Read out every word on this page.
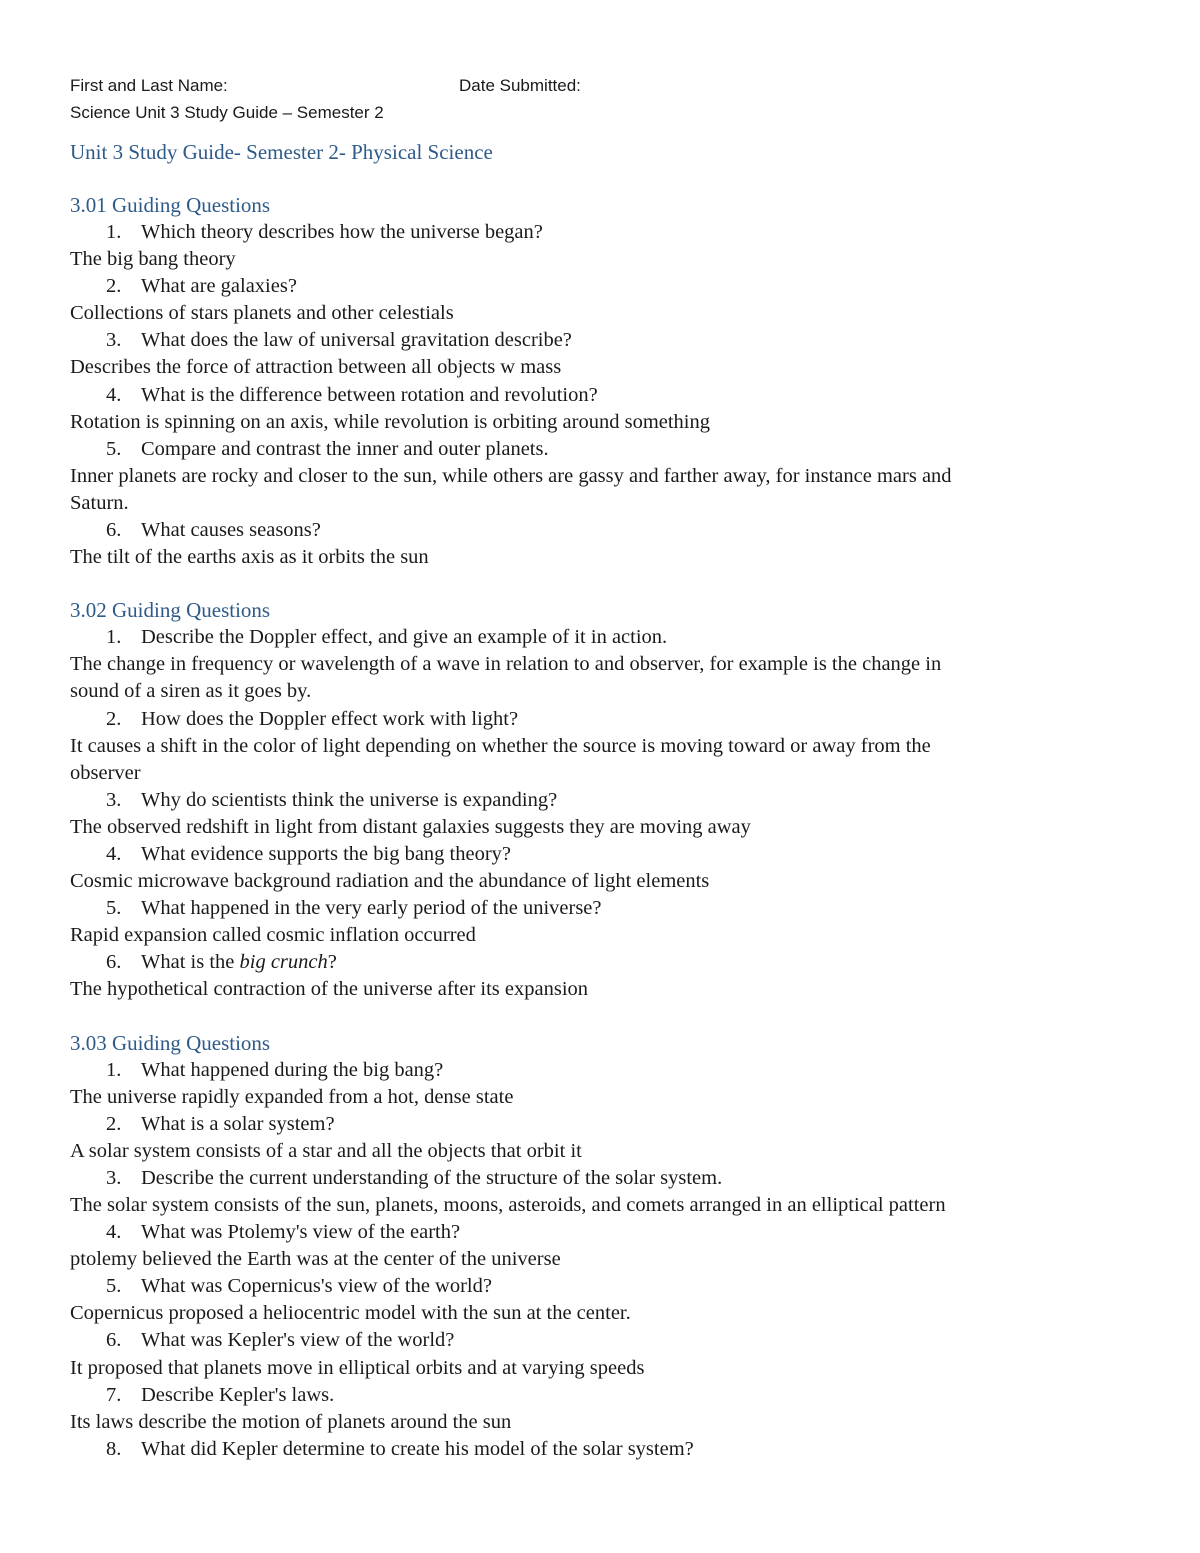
First and Last Name:	Date Submitted:
Science Unit 3 Study Guide – Semester 2
Unit 3 Study Guide- Semester 2- Physical Science
3.01 Guiding Questions
1. Which theory describes how the universe began?
The big bang theory
2. What are galaxies?
Collections of stars planets and other celestials
3. What does the law of universal gravitation describe?
Describes the force of attraction between all objects w mass
4. What is the difference between rotation and revolution?
Rotation is spinning on an axis, while revolution is orbiting around something
5. Compare and contrast the inner and outer planets.
Inner planets are rocky and closer to the sun, while others are gassy and farther away, for instance mars and
Saturn.
6. What causes seasons?
The tilt of the earths axis as it orbits the sun
3.02 Guiding Questions
1. Describe the Doppler effect, and give an example of it in action.
The change in frequency or wavelength of a wave in relation to and observer, for example is the change in
sound of a siren as it goes by.
2. How does the Doppler effect work with light?
It causes a shift in the color of light depending on whether the source is moving toward or away from the
observer
3. Why do scientists think the universe is expanding?
The observed redshift in light from distant galaxies suggests they are moving away
4. What evidence supports the big bang theory?
Cosmic microwave background radiation and the abundance of light elements
5. What happened in the very early period of the universe?
Rapid expansion called cosmic inflation occurred
6. What is the big crunch?
The hypothetical contraction of the universe after its expansion
3.03 Guiding Questions
1. What happened during the big bang?
The universe rapidly expanded from a hot, dense state
2. What is a solar system?
A solar system consists of a star and all the objects that orbit it
3. Describe the current understanding of the structure of the solar system.
The solar system consists of the sun, planets, moons, asteroids, and comets arranged in an elliptical pattern
4. What was Ptolemy's view of the earth?
ptolemy believed the Earth was at the center of the universe
5. What was Copernicus's view of the world?
Copernicus proposed a heliocentric model with the sun at the center.
6. What was Kepler's view of the world?
It proposed that planets move in elliptical orbits and at varying speeds
7. Describe Kepler's laws.
Its laws describe the motion of planets around the sun
8. What did Kepler determine to create his model of the solar system?
